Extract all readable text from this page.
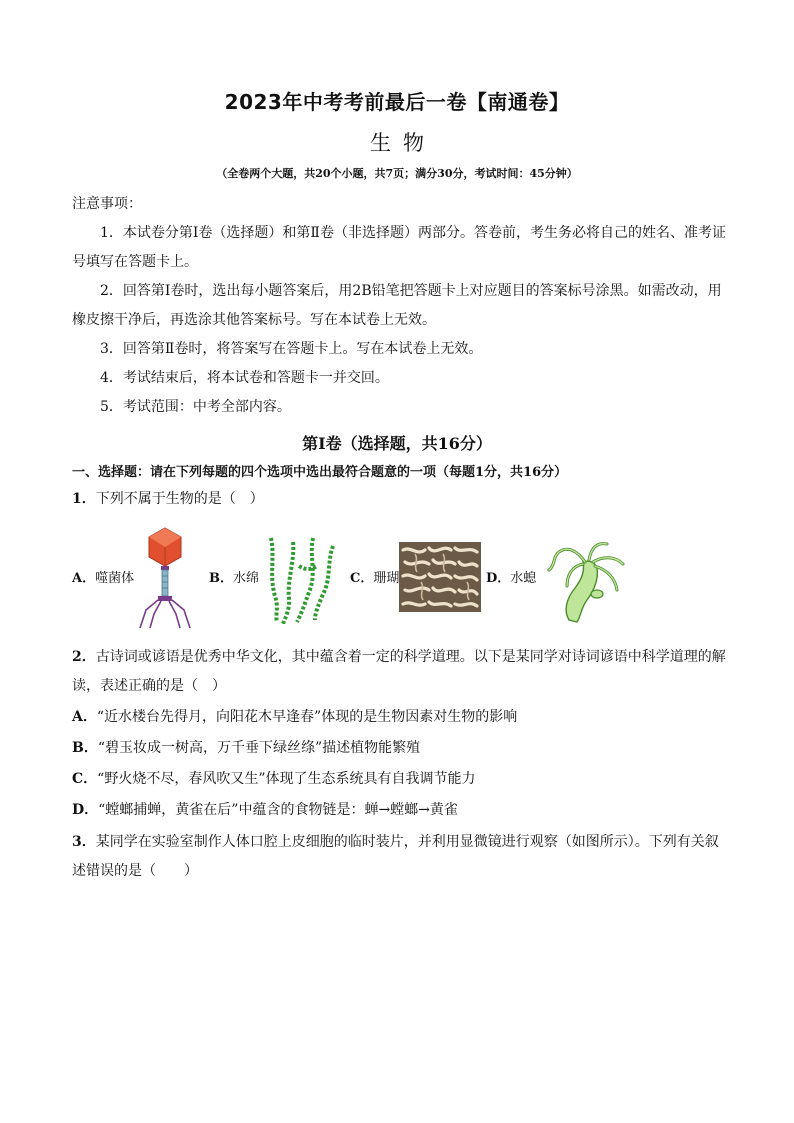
2023年中考考前最后一卷【南通卷】
生物
（全卷两个大题，共20个小题，共7页；满分30分，考试时间：45分钟）
注意事项：
1．本试卷分第Ⅰ卷（选择题）和第Ⅱ卷（非选择题）两部分。答卷前，考生务必将自己的姓名、准考证号填写在答题卡上。
2．回答第Ⅰ卷时，选出每小题答案后，用2B铅笔把答题卡上对应题目的答案标号涂黑。如需改动，用橡皮擦干净后，再选涂其他答案标号。写在本试卷上无效。
3．回答第Ⅱ卷时，将答案写在答题卡上。写在本试卷上无效。
4．考试结束后，将本试卷和答题卡一并交回。
5．考试范围：中考全部内容。
第Ⅰ卷（选择题，共16分）
一、选择题：请在下列每题的四个选项中选出最符合题意的一项（每题1分，共16分）
1．下列不属于生物的是（　）
A．噬菌体	B．水绵	C．珊瑚	D．水螅
2．古诗词或谚语是优秀中华文化，其中蕴含着一定的科学道理。以下是某同学对诗词谚语中科学道理的解读，表述正确的是（　）
A．“近水楼台先得月，向阳花木早逢春”体现的是生物因素对生物的影响
B．“碧玉妆成一树高，万千垂下绿丝绦”描述植物能繁殖
C．“野火烧不尽，春风吹又生”体现了生态系统具有自我调节能力
D．“螳螂捕蝉，黄雀在后”中蕴含的食物链是：蝉→螳螂→黄雀
3．某同学在实验室制作人体口腔上皮细胞的临时装片，并利用显微镜进行观察（如图所示）。下列有关叙述错误的是（　　）
